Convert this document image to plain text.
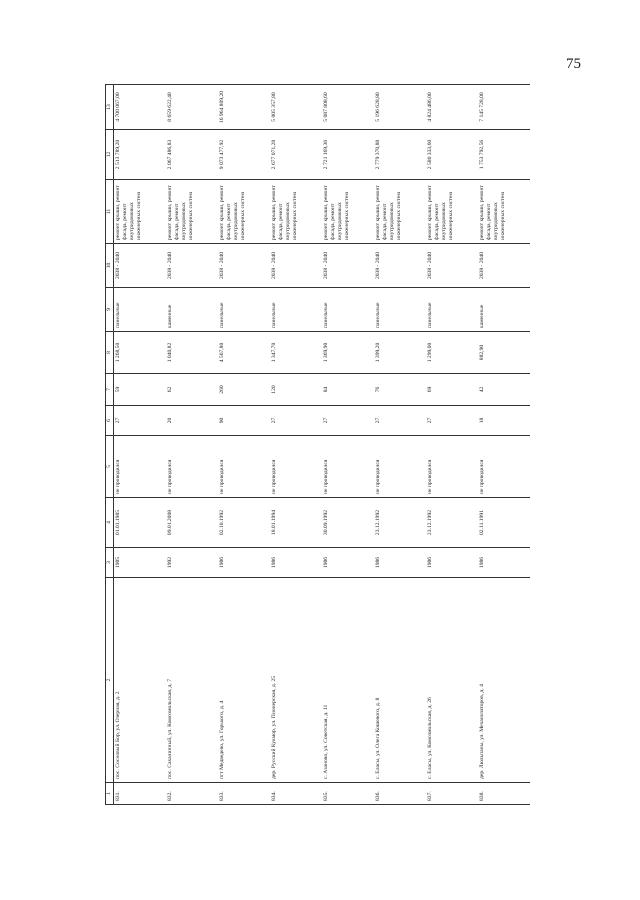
75
1	2	3	4	5	6	7	8	9	10	11	12	13
831.	пос. Сосновый Бор, ул. Озерная, д. 2	1985	01.01.1985	не проводился	27	59	1 268,50	панельные	2038 - 2040	ремонт крыши, ремонт фасада, ремонт внутридомовых инженерных систем	2 513 789,20	4 700 067,00
832.	пос. Сахалинный, ул. Комсомольская, д. 7	1992	09.01.2008	не проводился	20	62	1 040,82	каменные	2038 - 2040	ремонт крыши, ремонт фасада, ремонт внутридомовых инженерных систем	2 067 486,83	8 659 622,40
833.	пгт Медведево, ул. Горького, д. 4	1986	02.10.1992	не проводился	90	260	4 567,80	панельные	2038 - 2040	ремонт крыши, ремонт фасада, ремонт внутридомовых инженерных систем	9 073 477,92	16 964 809,20
834.	дер. Русский Кукмор, ул. Пионерская, д. 25	1986	18.01.1994	не проводился	27	120	1 347,70	панельные	2038 - 2040	ремонт крыши, ремонт фасада, ремонт внутридомовых инженерных систем	2 677 071,28	5 005 357,80
835.	с. Азаново, ул. Советская, д. 11	1986	30.09.1992	не проводился	27	84	1 369,90	панельные	2038 - 2040	ремонт крыши, ремонт фасада, ремонт внутридомовых инженерных систем	2 721 169,36	5 087 808,60
836.	с. Еласы, ул. Олега Кошевого, д. 8	1986	23.12.1992	не проводился	27	76	1 399,20	панельные	2038 - 2040	ремонт крыши, ремонт фасада, ремонт внутридомовых инженерных систем	2 779 370,88	5 196 628,80
837.	с. Еласы, ул. Комсомольская, д. 26	1986	23.12.1992	не проводился	27	69	1 299,00	панельные	2038 - 2040	ремонт крыши, ремонт фасада, ремонт внутридомовых инженерных систем	2 580 333,60	4 824 486,00
838.	дер. Люльпаны, ул. Механизаторов, д. 4	1986	02.11.1991	не проводился	18	42	882,90	каменные	2038 - 2040	ремонт крыши, ремонт фасада, ремонт внутридомовых инженерных систем	1 753 792,56	7 145 728,00
